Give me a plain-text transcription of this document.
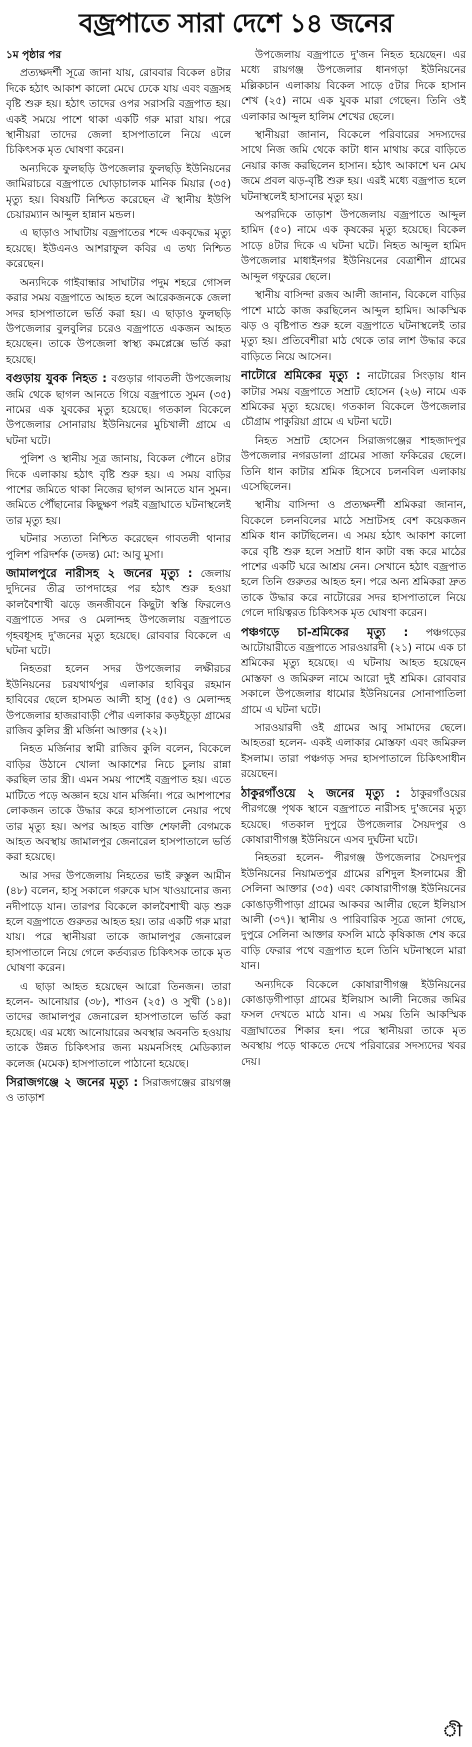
বজ্রপাতে সারা দেশে ১৪ জনের

১ম পৃষ্ঠার পর

প্রত্যক্ষদর্শী সূত্রে জানা যায়, রোববার বিকেল ৪টার দিকে হঠাৎ আকাশ কালো মেঘে ঢেকে যায় এবং বজ্রসহ বৃষ্টি শুরু হয়। হঠাৎ তাদের ওপর সরাসরি বজ্রপাত হয়। একই সময়ে পাশে থাকা একটি গরু মারা যায়। পরে স্থানীয়রা তাদের জেলা হাসপাতালে নিয়ে এলে চিকিৎসক মৃত ঘোষণা করেন।

অন্যদিকে ফুলছড়ি উপজেলার ফুলছড়ি ইউনিয়নের জামিরাচরে বজ্রপাতে ঘোড়াচালক মানিক মিয়ার (৩৫) মৃত্যু হয়। বিষয়টি নিশ্চিত করেছেন ঐ স্থানীয় ইউপি চেয়ারম্যান আব্দুল হান্নান মন্ডল।

এ ছাড়াও সাঘাটায় বজ্রপাতের শব্দে একবৃদ্ধের মৃত্যু হয়েছে। ইউএনও আশরাফুল কবির এ তথ্য নিশ্চিত করেছেন।

অন্যদিকে গাইবান্ধার সাঘাটার পদুম শহরে গোসল করার সময় বজ্রপাতে আহত হলে আরেকজনকে জেলা সদর হাসপাতালে ভর্তি করা হয়। এ ছাড়াও ফুলছড়ি উপজেলার বুলবুলির চরেও বজ্রপাতে একজন আহত হয়েছেন। তাকে উপজেলা স্বাস্থ্য কমপ্লেক্সে ভর্তি করা হয়েছে।

বগুড়ায় যুবক নিহত : বগুড়ার গাবতলী উপজেলায় জমি থেকে ছাগল আনতে গিয়ে বজ্রপাতে সুমন (৩৫) নামের এক যুবকের মৃত্যু হয়েছে। গতকাল বিকেলে উপজেলার সোনারায় ইউনিয়নের মুচিখালী গ্রামে এ ঘটনা ঘটে।

পুলিশ ও স্থানীয় সূত্র জানায়, বিকেল পৌনে ৪টার দিকে এলাকায় হঠাৎ বৃষ্টি শুরু হয়। এ সময় বাড়ির পাশের জমিতে থাকা নিজের ছাগল আনতে যান সুমন। জমিতে পৌঁছানোর কিছুক্ষণ পরই বজ্রাঘাতে ঘটনাস্থলেই তার মৃত্যু হয়।

ঘটনার সত্যতা নিশ্চিত করেছেন গাবতলী থানার পুলিশ পরিদর্শক (তদন্ত) মো: আবু মুসা।

জামালপুরে নারীসহ ২ জনের মৃত্যু : জেলায় দুদিনের তীব্র তাপদাহের পর হঠাৎ শুরু হওয়া কালবৈশাখী ঝড়ে জনজীবনে কিছুটা স্বস্তি ফিরলেও বজ্রপাতে সদর ও মেলান্দহ উপজেলায় বজ্রপাতে গৃহবধূসহ দু'জনের মৃত্যু হয়েছে। রোববার বিকেলে এ ঘটনা ঘটে।

নিহতরা হলেন সদর উপজেলার লক্ষীরচর ইউনিয়নের চরযথার্থপুর এলাকার হাবিবুর রহমান হাবিবের ছেলে হাসমত আলী হাসু (৫৫) ও মেলান্দহ উপজেলার হাজরাবাড়ী পৌর এলাকার কড়ইচূড়া গ্রামের রাজিব কুলির স্ত্রী মর্জিনা আক্তার (২২)।

নিহত মর্জিনার স্বামী রাজিব কুলি বলেন, বিকেলে বাড়ির উঠানে খোলা আকাশের নিচে চুলায় রান্না করছিল তার স্ত্রী। এমন সময় পাশেই বজ্রপাত হয়। এতে মাটিতে পড়ে অজ্ঞান হয়ে যান মর্জিনা। পরে আশপাশের লোকজন তাকে উদ্ধার করে হাসপাতালে নেয়ার পথে তার মৃত্যু হয়। অপর আহত বাক্তি শেফালী বেগমকে আহত অবস্থায় জামালপুর জেনারেল হাসপাতালে ভর্তি করা হয়েছে।

আর সদর উপজেলায় নিহতের ভাই রুস্তুল আমীন (৪৮) বলেন, হাসু সকালে গরুকে ঘাস খাওয়ানোর জন্য নদীপাড়ে যান। তারপর বিকেলে কালবৈশাখী ঝড় শুরু হলে বজ্রপাতে গুরুতর আহত হয়। তার একটি গরু মারা যায়। পরে স্থানীয়রা তাকে জামালপুর জেনারেল হাসপাতালে নিয়ে গেলে কর্তব্যরত চিকিৎসক তাকে মৃত ঘোষণা করেন।

এ ছাড়া আহত হয়েছেন আরো তিনজন। তারা হলেন- আনোয়ার (৩৮), শাওন (২৫) ও সুখী (১৪)। তাদের জামালপুর জেনারেল হাসপাতালে ভর্তি করা হয়েছে। এর মধ্যে আনোয়ারের অবস্থার অবনতি হওয়ায় তাকে উন্নত চিকিৎসার জন্য ময়মনসিংহ মেডিক্যাল কলেজ (মমেক) হাসপাতালে পাঠানো হয়েছে।

সিরাজগঞ্জে ২ জনের মৃত্যু : সিরাজগঞ্জের রায়গঞ্জ ও তাড়াশ

উপজেলায় বজ্রপাতে দু'জন নিহত হয়েছেন। এর মধ্যে রায়গঞ্জ উপজেলার ধানগড়া ইউনিয়নের মল্লিকচান এলাকায় বিকেল সাড়ে ৫টার দিকে হাসান শেখ (২৫) নামে এক যুবক মারা গেছেন। তিনি ওই এলাকার আব্দুল হালিম শেখের ছেলে।

স্থানীয়রা জানান, বিকেলে পরিবারের সদস্যদের সাথে নিজ জমি থেকে কাটা ধান মাথায় করে বাড়িতে নেয়ার কাজ করছিলেন হাসান। হঠাৎ আকাশে ঘন মেঘ জমে প্রবল ঝড়-বৃষ্টি শুরু হয়। এরই মধ্যে বজ্রপাত হলে ঘটনাস্থলেই হাসানের মৃত্যু হয়।

অপরদিকে তাড়াশ উপজেলায় বজ্রপাতে আব্দুল হামিদ (৫০) নামে এক কৃষকের মৃত্যু হয়েছে। বিকেল সাড়ে ৪টার দিকে এ ঘটনা ঘটে। নিহত আব্দুল হামিদ উপজেলার মাধাইনগর ইউনিয়নের বেত্রাশীন গ্রামের আব্দুল গফুরের ছেলে।

স্থানীয় বাসিন্দা রজব আলী জানান, বিকেলে বাড়ির পাশে মাঠে কাজ করছিলেন আব্দুল হামিদ। আকস্মিক ঝড় ও বৃষ্টিপাত শুরু হলে বজ্রপাতে ঘটনাস্থলেই তার মৃত্যু হয়। প্রতিবেশীরা মাঠ থেকে তার লাশ উদ্ধার করে বাড়িতে নিয়ে আসেন।

নাটোরে শ্রমিকের মৃত্যু : নাটোরের সিংড়ায় ধান কাটার সময় বজ্রপাতে সম্রাট হোসেন (২৬) নামে এক শ্রমিকের মৃত্যু হয়েছে। গতকাল বিকেলে উপজেলার চৌগ্রাম পাকুরিয়া গ্রামে এ ঘটনা ঘটে।

নিহত সম্রাট হোসেন সিরাজগঞ্জের শাহজাদপুর উপজেলার নগরডালা গ্রামের সাজা ফকিরের ছেলে। তিনি ধান কাটার শ্রমিক হিসেবে চলনবিল এলাকায় এসেছিলেন।

স্থানীয় বাসিন্দা ও প্রত্যক্ষদর্শী শ্রমিকরা জানান, বিকেলে চলনবিলের মাঠে সম্রাটসহ বেশ কয়েকজন শ্রমিক ধান কাটছিলেন। এ সময় হঠাৎ আকাশ কালো করে বৃষ্টি শুরু হলে সম্রাট ধান কাটা বন্ধ করে মাঠের পাশের একটি ঘরে আশ্রয় নেন। সেখানে হঠাৎ বজ্রপাত হলে তিনি গুরুতর আহত হন। পরে অন্য শ্রমিকরা দ্রুত তাকে উদ্ধার করে নাটোরের সদর হাসপাতালে নিয়ে গেলে দায়িত্বরত চিকিৎসক মৃত ঘোষণা করেন।

পঞ্চগড়ে চা-শ্রমিকের মৃত্যু : পঞ্চগড়ের আটোয়ারীতে বজ্রপাতে সারওয়ারদী (২১) নামে এক চা শ্রমিকের মৃত্যু হয়েছে। এ ঘটনায় আহত হয়েছেন মোস্তফা ও জমিরুল নামে আরো দুই শ্রমিক। রোববার সকালে উপজেলার ধামোর ইউনিয়নের সোনাপাতিলা গ্রামে এ ঘটনা ঘটে।

সারওয়ারদী ওই গ্রামের আবু সামাদের ছেলে। আহতরা হলেন- একই এলাকার মোস্তফা এবং জমিরুল ইসলাম। তারা পঞ্চগড় সদর হাসপাতালে চিকিৎসাধীন রয়েছেন।

ঠাকুরগাঁওয়ে ২ জনের মৃত্যু : ঠাকুরগাঁওয়ের পীরগঞ্জে পৃথক স্থানে বজ্রপাতে নারীসহ দু'জনের মৃত্যু হয়েছে। গতকাল দুপুরে উপজেলার সৈয়দপুর ও কোষারাণীগঞ্জ ইউনিয়নে এসব দুর্ঘটনা ঘটে।

নিহতরা হলেন- পীরগঞ্জ উপজেলার সৈয়দপুর ইউনিয়নের নিয়ামতপুর গ্রামের রশিদুল ইসলামের স্ত্রী সেলিনা আক্তার (৩৫) এবং কোষারাণীগঞ্জ ইউনিয়নের কোঙাড়গীপাড়া গ্রামের আকবর আলীর ছেলে ইলিয়াস আলী (৩৭)। স্থানীয় ও পারিবারিক সূত্রে জানা গেছে, দুপুরে সেলিনা আক্তার ফসলি মাঠে কৃষিকাজ শেষ করে বাড়ি ফেরার পথে বজ্রপাত হলে তিনি ঘটনাস্থলে মারা যান।

অন্যদিকে বিকেলে কোষারাণীগঞ্জ ইউনিয়নের কোঙাড়গীপাড়া গ্রামের ইলিয়াস আলী নিজের জমির ফসল দেখতে মাঠে যান। এ সময় তিনি আকস্মিক বজ্রাঘাতের শিকার হন। পরে স্থানীয়রা তাকে মৃত অবস্থায় পড়ে থাকতে দেখে পরিবারের সদস্যদের খবর দেয়।

ী
